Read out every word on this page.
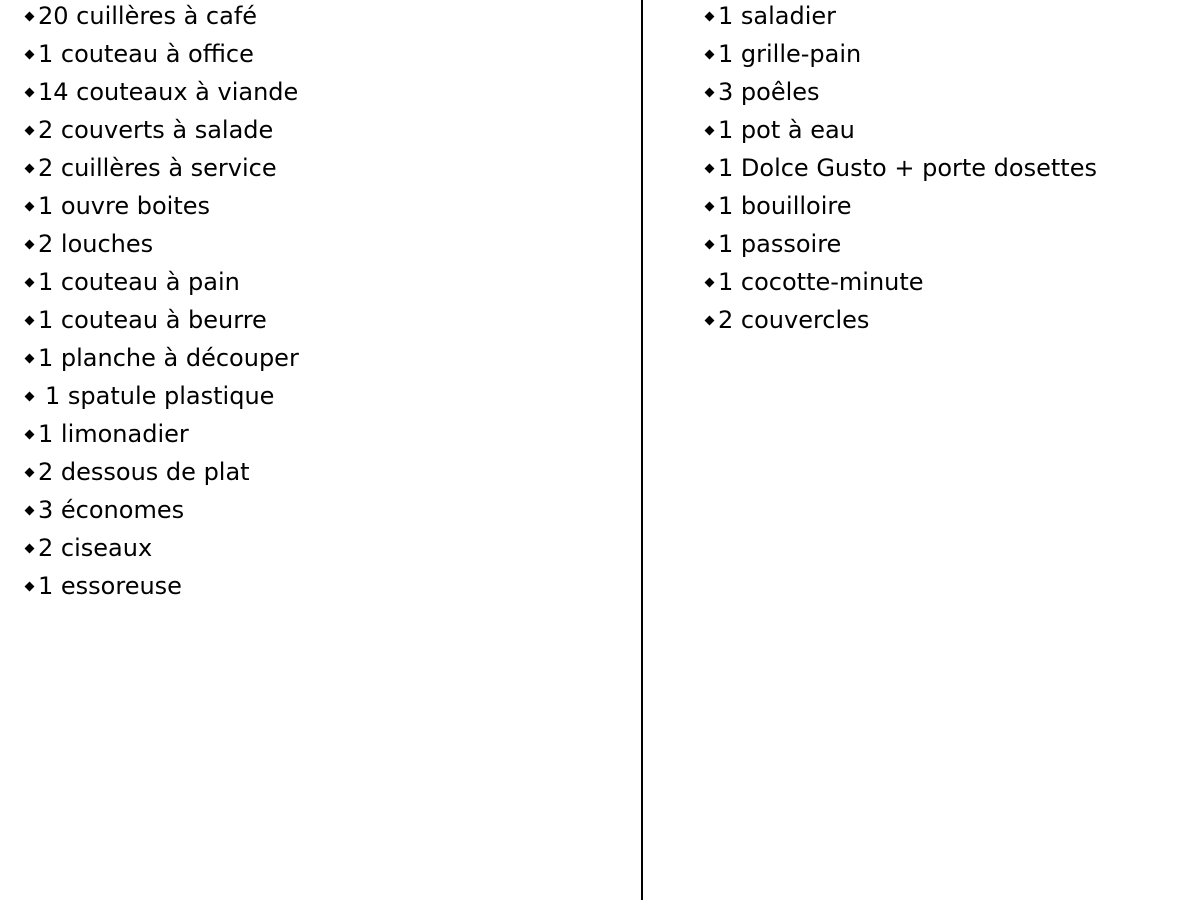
20 cuillères à café
1 couteau à office
14 couteaux à viande
2 couverts à salade
2 cuillères à service
1 ouvre boites
2 louches
1 couteau à pain
1 couteau à beurre
1 planche à découper
1 spatule plastique
1 limonadier
2 dessous de plat
3 économes
2 ciseaux
1 essoreuse
1 saladier
1 grille-pain
3 poêles
1 pot à eau
1 Dolce Gusto + porte dosettes
1 bouilloire
1 passoire
1 cocotte-minute
2 couvercles
